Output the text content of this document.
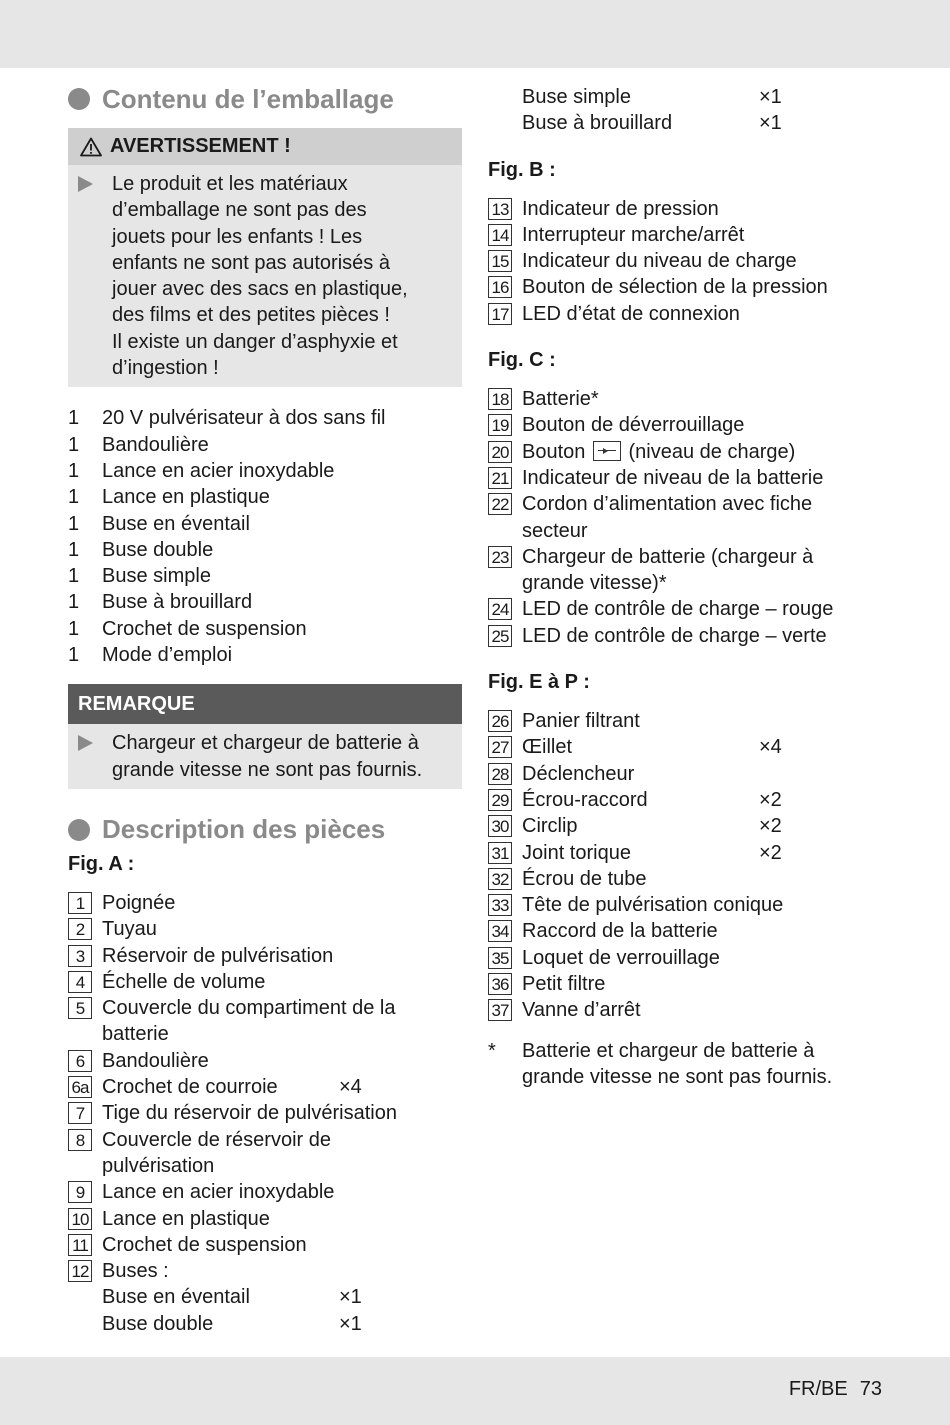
Contenu de l’emballage
AVERTISSEMENT !
Le produit et les matériaux
d’emballage ne sont pas des
jouets pour les enfants ! Les
enfants ne sont pas autorisés à
jouer avec des sacs en plastique,
des films et des petites pièces !
Il existe un danger d’asphyxie et
d’ingestion !
1	20 V pulvérisateur à dos sans fil
1	Bandoulière
1	Lance en acier inoxydable
1	Lance en plastique
1	Buse en éventail
1	Buse double
1	Buse simple
1	Buse à brouillard
1	Crochet de suspension
1	Mode d’emploi
REMARQUE
Chargeur et chargeur de batterie à
grande vitesse ne sont pas fournis.
Description des pièces
Fig. A :
1 Poignée
2 Tuyau
3 Réservoir de pulvérisation
4 Échelle de volume
5 Couvercle du compartiment de la
batterie
6 Bandoulière
6a Crochet de courroie	×4
7 Tige du réservoir de pulvérisation
8 Couvercle de réservoir de
pulvérisation
9 Lance en acier inoxydable
10 Lance en plastique
11 Crochet de suspension
12 Buses :
Buse en éventail	×1
Buse double	×1
Buse simple	×1
Buse à brouillard	×1
Fig. B :
13 Indicateur de pression
14 Interrupteur marche/arrêt
15 Indicateur du niveau de charge
16 Bouton de sélection de la pression
17 LED d’état de connexion
Fig. C :
18 Batterie*
19 Bouton de déverrouillage
20 Bouton (niveau de charge)
21 Indicateur de niveau de la batterie
22 Cordon d’alimentation avec fiche
secteur
23 Chargeur de batterie (chargeur à
grande vitesse)*
24 LED de contrôle de charge – rouge
25 LED de contrôle de charge – verte
Fig. E à P :
26 Panier filtrant
27 Œillet	×4
28 Déclencheur
29 Écrou-raccord	×2
30 Circlip	×2
31 Joint torique	×2
32 Écrou de tube
33 Tête de pulvérisation conique
34 Raccord de la batterie
35 Loquet de verrouillage
36 Petit filtre
37 Vanne d’arrêt
*	Batterie et chargeur de batterie à
grande vitesse ne sont pas fournis.
FR/BE 73
